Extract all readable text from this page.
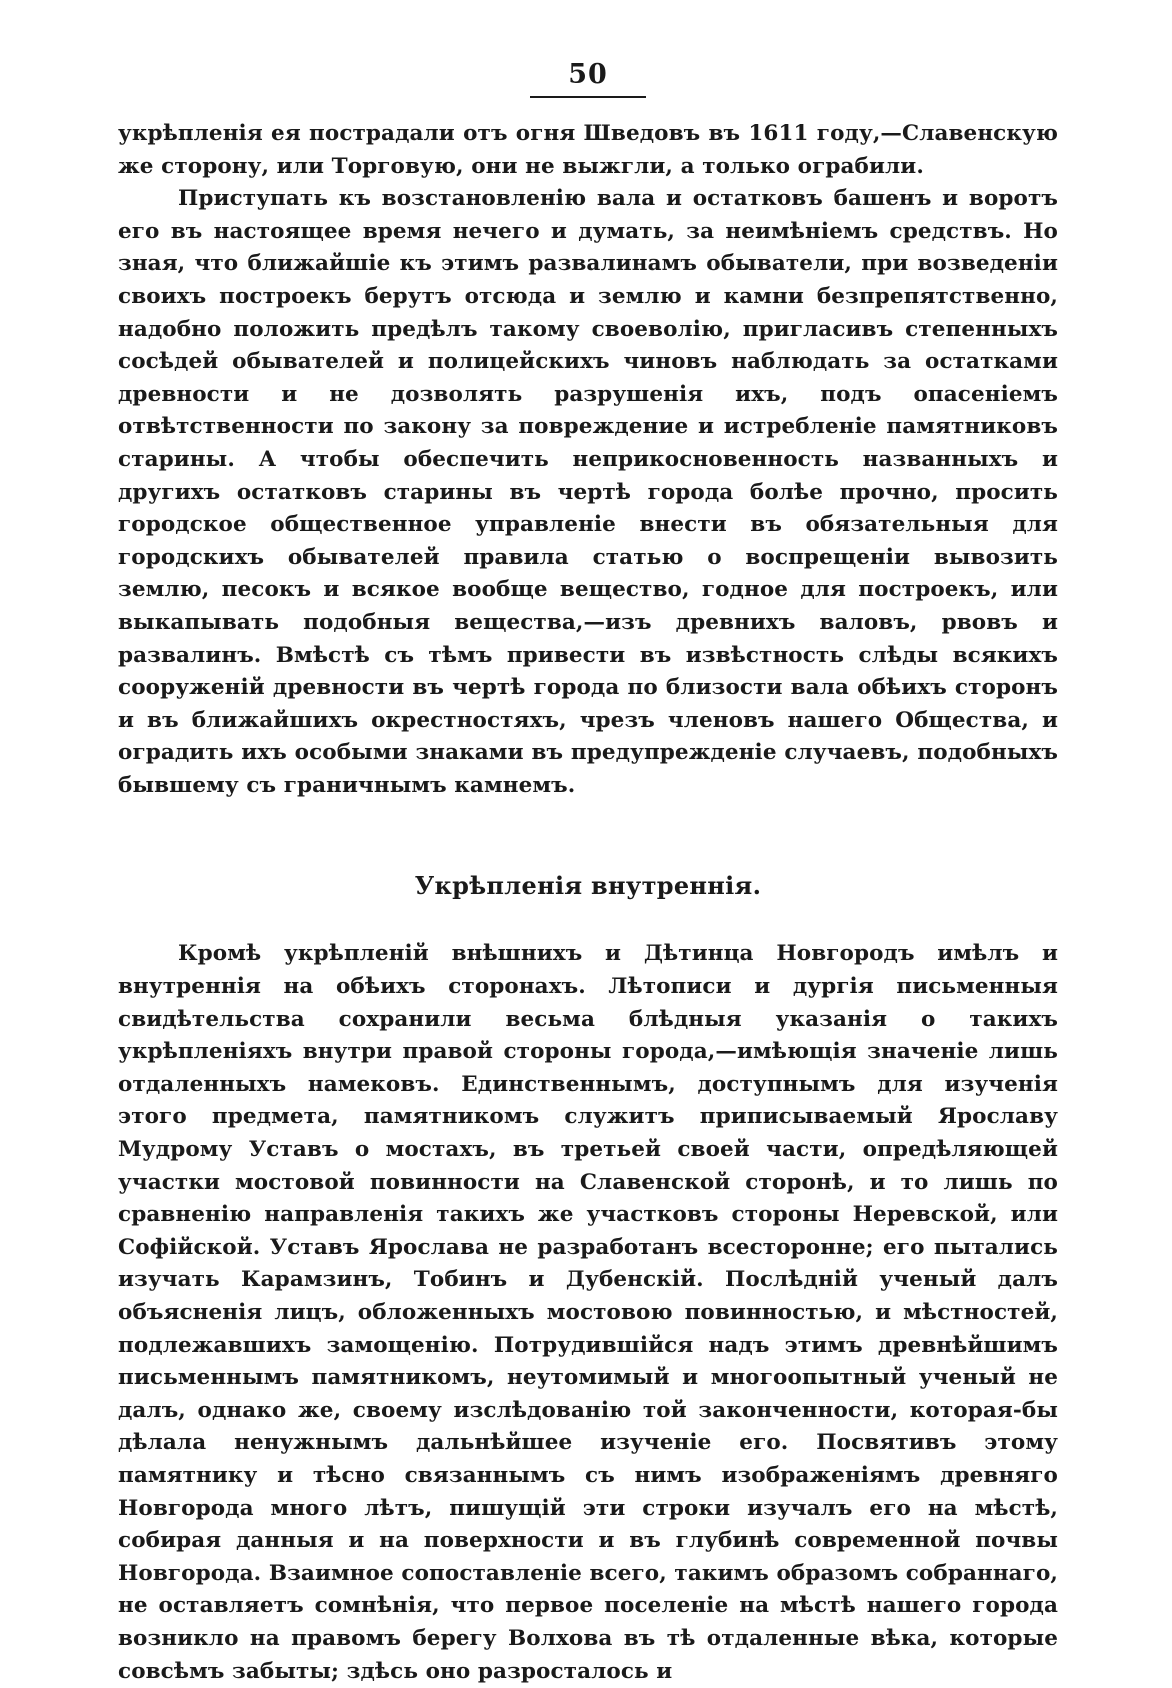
50

укрѣпленія ея пострадали отъ огня Шведовъ въ 1611 году,—Славенскую же сторону, или Торговую, они не выжгли, а только ограбили.

Приступать къ возстановленію вала и остатковъ башенъ и воротъ его въ настоящее время нечего и думать, за неимѣніемъ средствъ. Но зная, что ближайшіе къ этимъ развалинамъ обыватели, при возведеніи своихъ построекъ берутъ отсюда и землю и камни безпрепятственно, надобно положить предѣлъ такому своеволію, пригласивъ степенныхъ сосѣдей обывателей и полицейскихъ чиновъ наблюдать за остатками древности и не дозволять разрушенія ихъ, подъ опасеніемъ отвѣтственности по закону за повреждение и истребленіе памятниковъ старины. А чтобы обеспечить неприкосновенность названныхъ и другихъ остатковъ старины въ чертѣ города болѣе прочно, просить городское общественное управленіе внести въ обязательныя для городскихъ обывателей правила статью о воспрещеніи вывозить землю, песокъ и всякое вообще вещество, годное для построекъ, или выкапывать подобныя вещества,—изъ древнихъ валовъ, рвовъ и развалинъ. Вмѣстѣ съ тѣмъ привести въ извѣстность слѣды всякихъ сооруженій древности въ чертѣ города по близости вала обѣихъ сторонъ и въ ближайшихъ окрестностяхъ, чрезъ членовъ нашего Общества, и оградить ихъ особыми знаками въ предупрежденіе случаевъ, подобныхъ бывшему съ граничнымъ камнемъ.

Укрѣпленія внутреннія.

Кромѣ укрѣпленій внѣшнихъ и Дѣтинца Новгородъ имѣлъ и внутреннія на обѣихъ сторонахъ. Лѣтописи и дургія письменныя свидѣтельства сохранили весьма блѣдныя указанія о такихъ укрѣпленіяхъ внутри правой стороны города,—имѣющія значеніе лишь отдаленныхъ намековъ. Единственнымъ, доступнымъ для изученія этого предмета, памятникомъ служитъ приписываемый Ярославу Мудрому Уставъ о мостахъ, въ третьей своей части, опредѣляющей участки мостовой повинности на Славенской сторонѣ, и то лишь по сравненію направленія такихъ же участковъ стороны Неревской, или Софійской. Уставъ Ярослава не разработанъ всесторонне; его пытались изучать Карамзинъ, Тобинъ и Дубенскій. Послѣдній ученый далъ объясненія лицъ, обложенныхъ мостовою повинностью, и мѣстностей, подлежавшихъ замощенію. Потрудившійся надъ этимъ древнѣйшимъ письменнымъ памятникомъ, неутомимый и многоопытный ученый не далъ, однако же, своему изслѣдованію той законченности, которая-бы дѣлала ненужнымъ дальнѣйшее изученіе его. Посвятивъ этому памятнику и тѣсно связаннымъ съ нимъ изображеніямъ древняго Новгорода много лѣтъ, пишущій эти строки изучалъ его на мѣстѣ, собирая данныя и на поверхности и въ глубинѣ современной почвы Новгорода. Взаимное сопоставленіе всего, такимъ образомъ собраннаго, не оставляетъ сомнѣнія, что первое поселеніе на мѣстѣ нашего города возникло на правомъ берегу Волхова въ тѣ отдаленные вѣка, которые совсѣмъ забыты; здѣсь оно разросталось и
